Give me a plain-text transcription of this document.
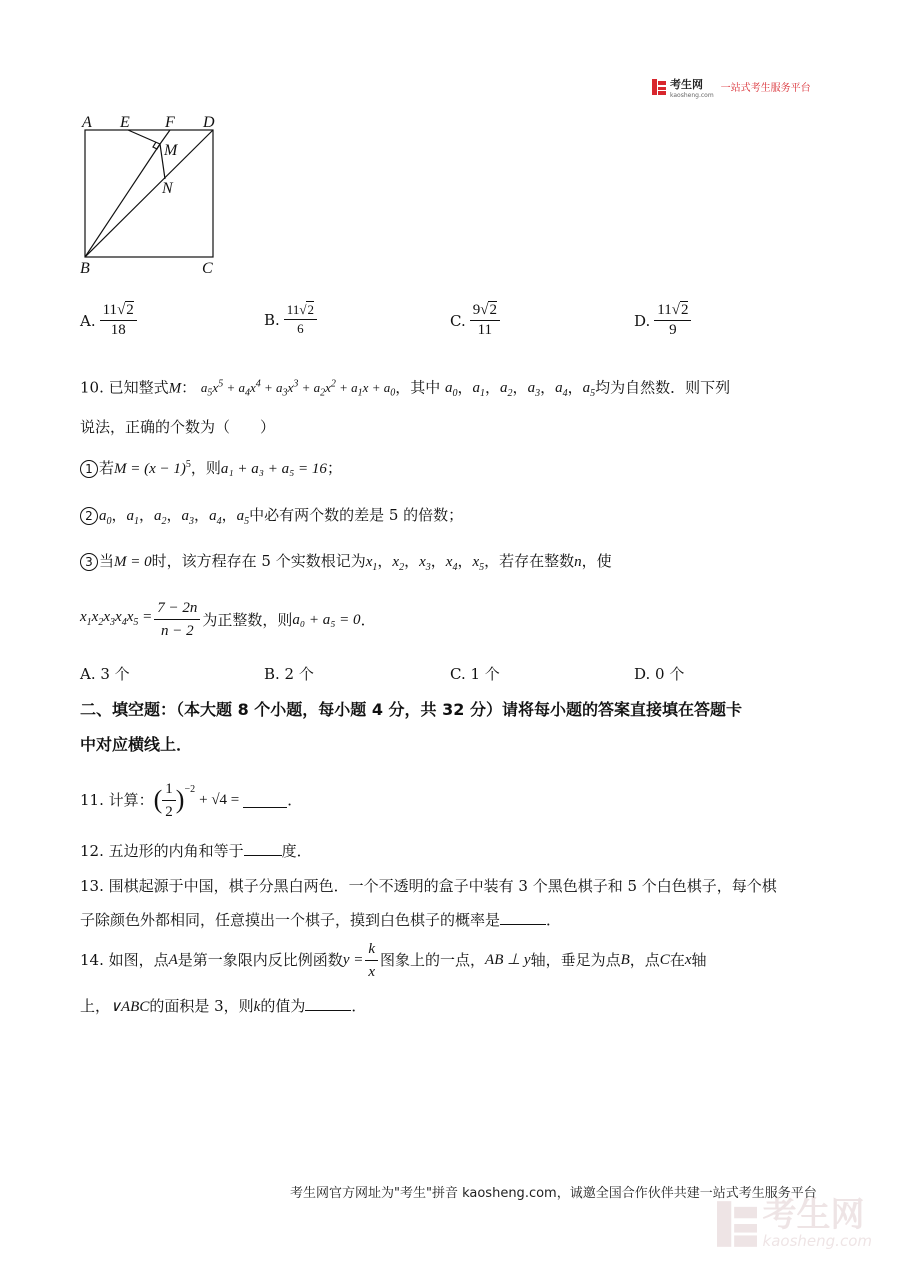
考生网
kaosheng.com
一站式考生服务平台
A E F D
M
N
B	C
A. $\frac{11√2}{18}$	B. $\frac{11√2}{6}$	C. $\frac{9√2}{11}$	D. $\frac{11√2}{9}$
10. 已知整式M： $a_5x^5 + a_4x^4 + a_3x^3 + a_2x^2 + a_1x + a_0$，其中 $a_0$，$a_1$，$a_2$，$a_3$，$a_4$，$a_5$均为自然数．则下列
说法，正确的个数为（　　）
1 若$M = (x - 1)^5$，则a₁ + a₃ + a₅ = 16；
2 $a_0$，$a_1$，$a_2$，$a_3$，$a_4$，$a_5$中必有两个数的差是 5 的倍数；
3 当M = 0时，该方程存在 5 个实数根记为$x_1$，$x_2$，$x_3$，$x_4$，$x_5$，若存在整数n，使
$x_1x_2x_3x_4x_5 = \frac{7 - 2n}{n - 2}$ 为正整数，则 a₀ + a₅ = 0 ．
A. 3 个	B. 2 个	C. 1 个	D. 0 个
二、填空题：（本大题 8 个小题，每小题 4 分，共 32 分）请将每小题的答案直接填在答题卡
中对应横线上．
11. 计算： ( $\frac{1}{2} )^{-2}$
+ √4 =	．
12. 五边形的内角和等于	度．
13. 围棋起源于中国，棋子分黑白两色．一个不透明的盒子中装有 3 个黑色棋子和 5 个白色棋子，每个棋
子除颜色外都相同，任意摸出一个棋子，摸到白色棋子的概率是	．
14. 如图，点 A 是第一象限内反比例函数 $y = \frac{k}{x}$ 图象上的一点， AB ⊥ y 轴，垂足为点 B ，点 C 在 x 轴
上，∨ABC的面积是 3，则k的值为	．
考生网官方网址为"考生"拼音 kaosheng.com，诚邀全国合作伙伴共建一站式考生服务平台
考生网
kaosheng.com
